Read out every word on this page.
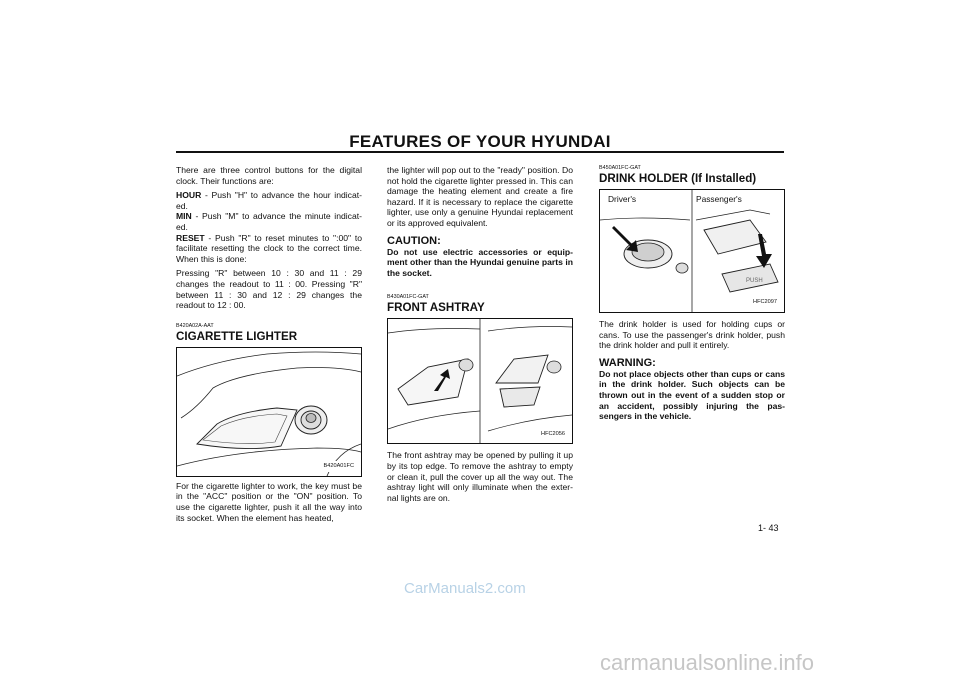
FEATURES OF YOUR HYUNDAI

There are three control buttons for the digital clock. Their functions are:

HOUR - Push "H" to advance the hour indicat- ed.

MIN - Push "M" to advance the minute indicat- ed.

RESET - Push "R" to reset minutes to ":00" to facilitate resetting the clock to the correct time. When this is done:

Pressing "R" between 10 : 30 and 11 : 29 changes the readout to 11 : 00. Pressing "R" between 11 : 30 and 12 : 29 changes the readout to 12 : 00.

B420A02A-AAT
CIGARETTE LIGHTER
B420A01FC

For the cigarette lighter to work, the key must be in the "ACC" position or the "ON" position. To use the cigarette lighter, push it all the way into its socket. When the element has heated,

the lighter will pop out to the "ready" position. Do not hold the cigarette lighter pressed in. This can damage the heating element and create a fire hazard. If it is necessary to replace the cigarette lighter, use only a genuine Hyundai replacement or its approved equivalent.

CAUTION:

Do not use electric accessories or equip- ment other than the Hyundai genuine parts in the socket.

B430A01FC-GAT
FRONT ASHTRAY
HFC2056

The front ashtray may be opened by pulling it up by its top edge. To remove the ashtray to empty or clean it, pull the cover up all the way out. The ashtray light will only illuminate when the exter- nal lights are on.

B450A01FC-GAT
DRINK HOLDER (If Installed)
PUSH
Driver's	Passenger's
HFC2097

The drink holder is used for holding cups or cans. To use the passenger's drink holder, push the drink holder and pull it entirely.

WARNING:

Do not place objects other than cups or cans in the drink holder. Such objects can be thrown out in the event of a sudden stop or an accident, possibly injuring the pas- sengers in the vehicle.

1- 43
CarManuals2.com
carmanualsonline.info
